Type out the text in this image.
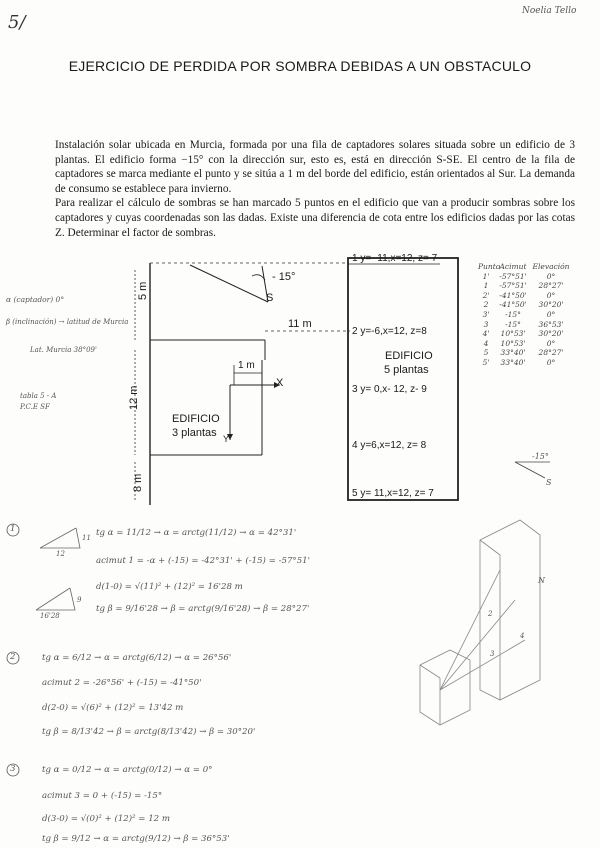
5/
Noelia Tello
EJERCICIO DE PERDIDA POR SOMBRA DEBIDAS A UN OBSTACULO

Instalación solar ubicada en Murcia, formada por una fila de captadores solares situada sobre un edificio de 3 plantas. El edificio forma −15° con la dirección sur, esto es, está en dirección S-SE. El centro de la fila de captadores se marca mediante el punto y se sitúa a 1 m del borde del edificio, están orientados al Sur. La demanda de consumo se establece para invierno.

Para realizar el cálculo de sombras se han marcado 5 puntos en el edificio que van a producir sombras sobre los captadores y cuyas coordenadas son las dadas. Existe una diferencia de cota entre los edificios dadas por las cotas Z. Determinar el factor de sombras.

- 15°
S
5 m
11 m
1 m
12 m
8 m
X
Y
EDIFICIO
3 plantas
EDIFICIO
5 plantas
1 y=- 11,x=12, z= 7
2 y=-6,x=12, z=8
3 y= 0,x- 12, z- 9
4 y=6,x=12, z= 8
5 y= 11,x=12, z= 7
-15°
S
α (captador) 0°
β (inclinación) → latitud de Murcia
Lat. Murcia 38°09'
tabla 5 - A
P.C.E SF
Punto Acimut Elevación
1'	-57°51'	0°
1	-57°51'	28°27'
2'	-41°50'	0°
2	-41°50'	30°20'
3'	-15°	0°
3	-15°	36°53'
4'	10°53'	30°20'
4	10°53'	0°
5	33°40'	28°27'
5'	33°40'	0°
1
2
3
12
11
16'28
9
tg α = 11/12 → α = arctg(11/12) → α = 42°31'
acimut 1 = -α + (-15) = -42°31' + (-15) = -57°51'
d(1-0) = √(11)² + (12)² = 16'28 m
tg β = 9/16'28 → β = arctg(9/16'28) → β = 28°27'
tg α = 6/12 → α = arctg(6/12) → α = 26°56'
acimut 2 = -26°56' + (-15) = -41°50'
d(2-0) = √(6)² + (12)² = 13'42 m
tg β = 8/13'42 → β = arctg(8/13'42) → β = 30°20'
tg α = 0/12 → α = arctg(0/12) → α = 0°
acimut 3 = 0 + (-15) = -15°
d(3-0) = √(0)² + (12)² = 12 m
tg β = 9/12 → α = arctg(9/12) → β = 36°53'
2
3
4
N
